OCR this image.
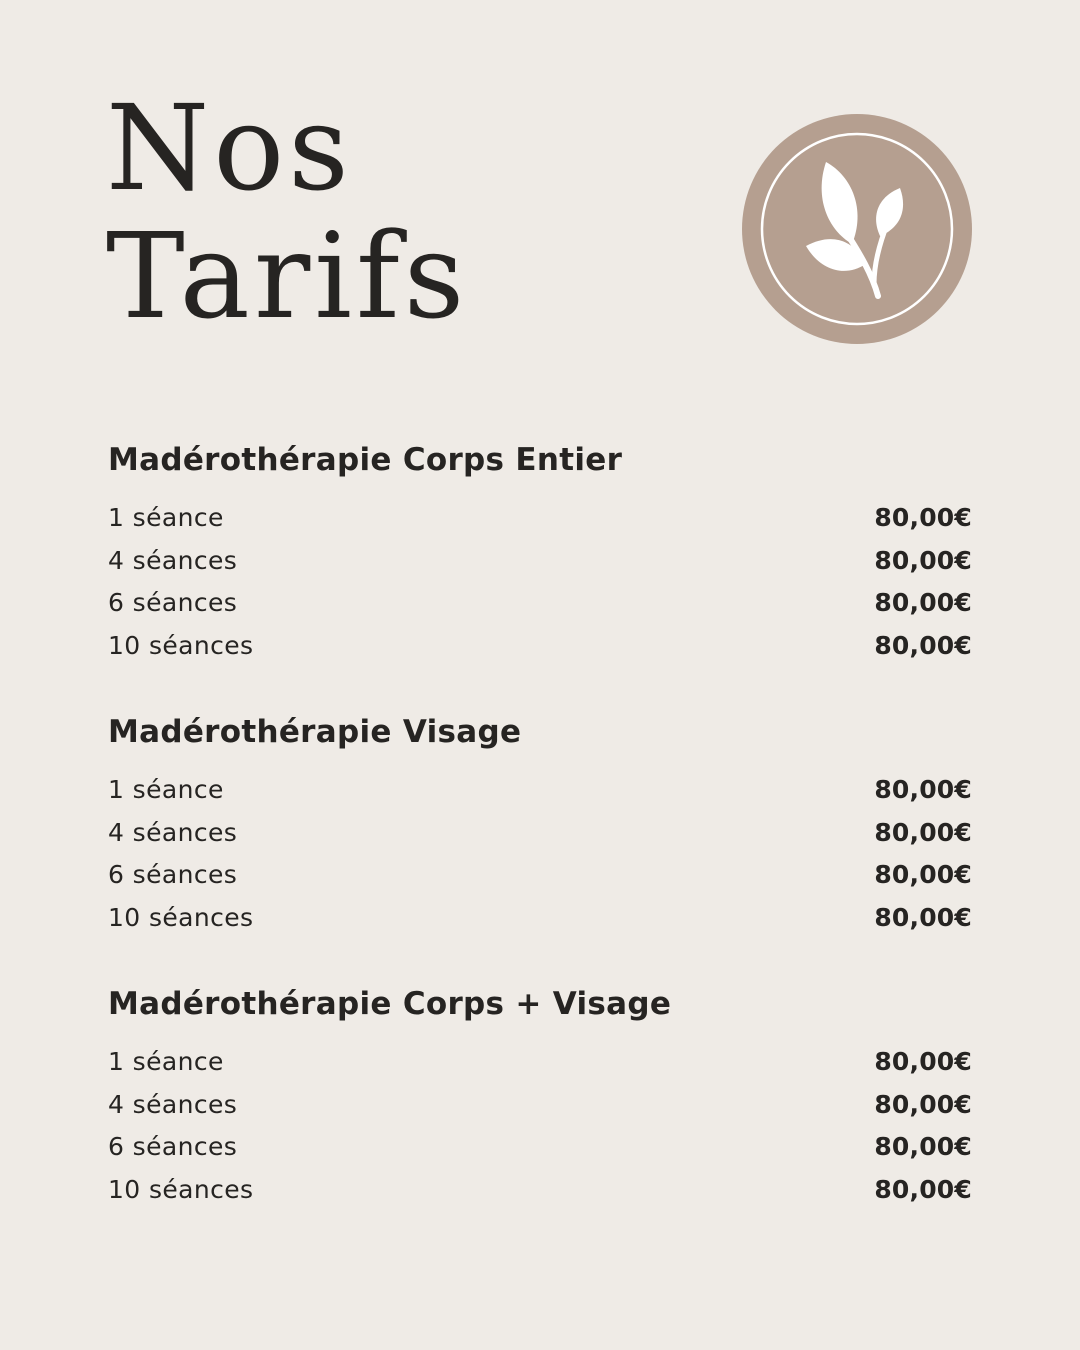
Nos
Tarifs
Madérothérapie Corps Entier
1 séance	80,00€
4 séances	80,00€
6 séances	80,00€
10 séances	80,00€
Madérothérapie Visage
1 séance	80,00€
4 séances	80,00€
6 séances	80,00€
10 séances	80,00€
Madérothérapie Corps + Visage
1 séance	80,00€
4 séances	80,00€
6 séances	80,00€
10 séances	80,00€
